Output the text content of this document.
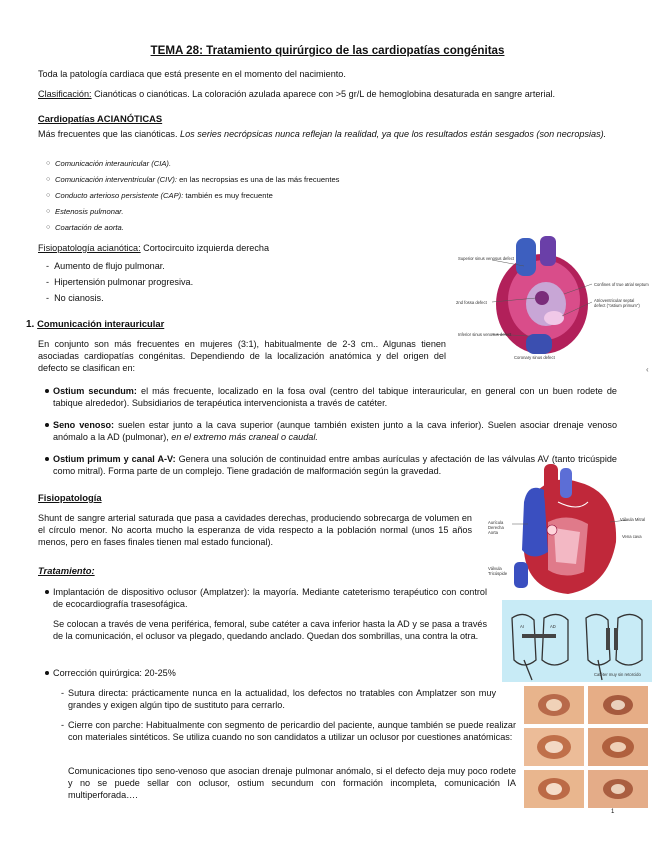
TEMA 28: Tratamiento quirúrgico de las cardiopatías congénitas
Toda la patología cardiaca que está presente en el momento del nacimiento.
Clasificación: Cianóticas o cianóticas. La coloración azulada aparece con >5 gr/L de hemoglobina desaturada en sangre arterial.
Cardiopatías ACIANÓTICAS
Más frecuentes que las cianóticas. Los series necrópsicas nunca reflejan la realidad, ya que los resultados están sesgados (son necropsias).
○ Comunicación interauricular (CIA).
○ Comunicación interventricular (CIV): en las necropsias es una de las más frecuentes
○ Conducto arterioso persistente (CAP): también es muy frecuente
○ Estenosis pulmonar.
○ Coartación de aorta.
Fisiopatología acianótica: Cortocircuito izquierda derecha
-  Aumento de flujo pulmonar.
-  Hipertensión pulmonar progresiva.
-  No cianosis.
1. Comunicación interauricular
En conjunto son más frecuentes en mujeres (3:1), habitualmente de 2-3 cm.. Algunas tienen asociadas cardiopatías congénitas. Dependiendo de la localización anatómica y del origen del defecto se clasifican en:
Ostium secundum: el más frecuente, localizado en la fosa oval (centro del tabique interauricular, en general con un buen rodete de tabique alrededor). Subsidiarios de terapéutica intervencionista a través de catéter.
Seno venoso: suelen estar junto a la cava superior (aunque también existen junto a la cava inferior). Suelen asociar drenaje venoso anómalo a la AD (pulmonar), en el extremo más craneal o caudal.
Ostium primum y canal A-V: Genera una solución de continuidad entre ambas aurículas y afectación de las válvulas AV (tanto tricúspide como mitral). Forma parte de un complejo. Tiene gradación de malformación según la gravedad.
Fisiopatología
Shunt de sangre arterial saturada que pasa a cavidades derechas, produciendo sobrecarga de volumen en el círculo menor. No acorta mucho la esperanza de vida respecto a la población normal (unos 15 años menos, pero en fases finales tienen mal estado funcional).
Tratamiento:
Implantación de dispositivo oclusor (Amplatzer): la mayoría. Mediante cateterismo terapéutico con control de ecocardiografía trasesofágica.
Se colocan a través de vena periférica, femoral, sube catéter a cava inferior hasta la AD y se pasa a través de la comunicación, el oclusor va plegado, quedando anclado. Quedan dos sombrillas, una contra la otra.
Corrección quirúrgica: 20-25%
- Sutura directa: prácticamente nunca en la actualidad, los defectos no tratables con Amplatzer son muy grandes y exigen algún tipo de sustituto para cerrarlo.
- Cierre con parche: Habitualmente con segmento de pericardio del paciente, aunque también se puede realizar con materiales sintéticos. Se utiliza cuando no son candidatos a utilizar un oclusor por cuestiones anatómicas:
Comunicaciones tipo seno-venoso que asocian drenaje pulmonar anómalo, si el defecto deja muy poco rodete y no se puede sellar con oclusor, ostium secundum con formación incompleta, comunicación IA multiperforada….
Superior sinus venosus defect
2nd fossa defect
Inferior sinus venosus defect
Coronary sinus defect
Confines of true atrial septum
Atrioventricular septal defect ("ostium primum")
‹
Válvula Mitral
Aurícula Derecha Aorta
Válvula Tricúspide
Vena cava
AI	AD
Catéter muy sin retorcido
1
